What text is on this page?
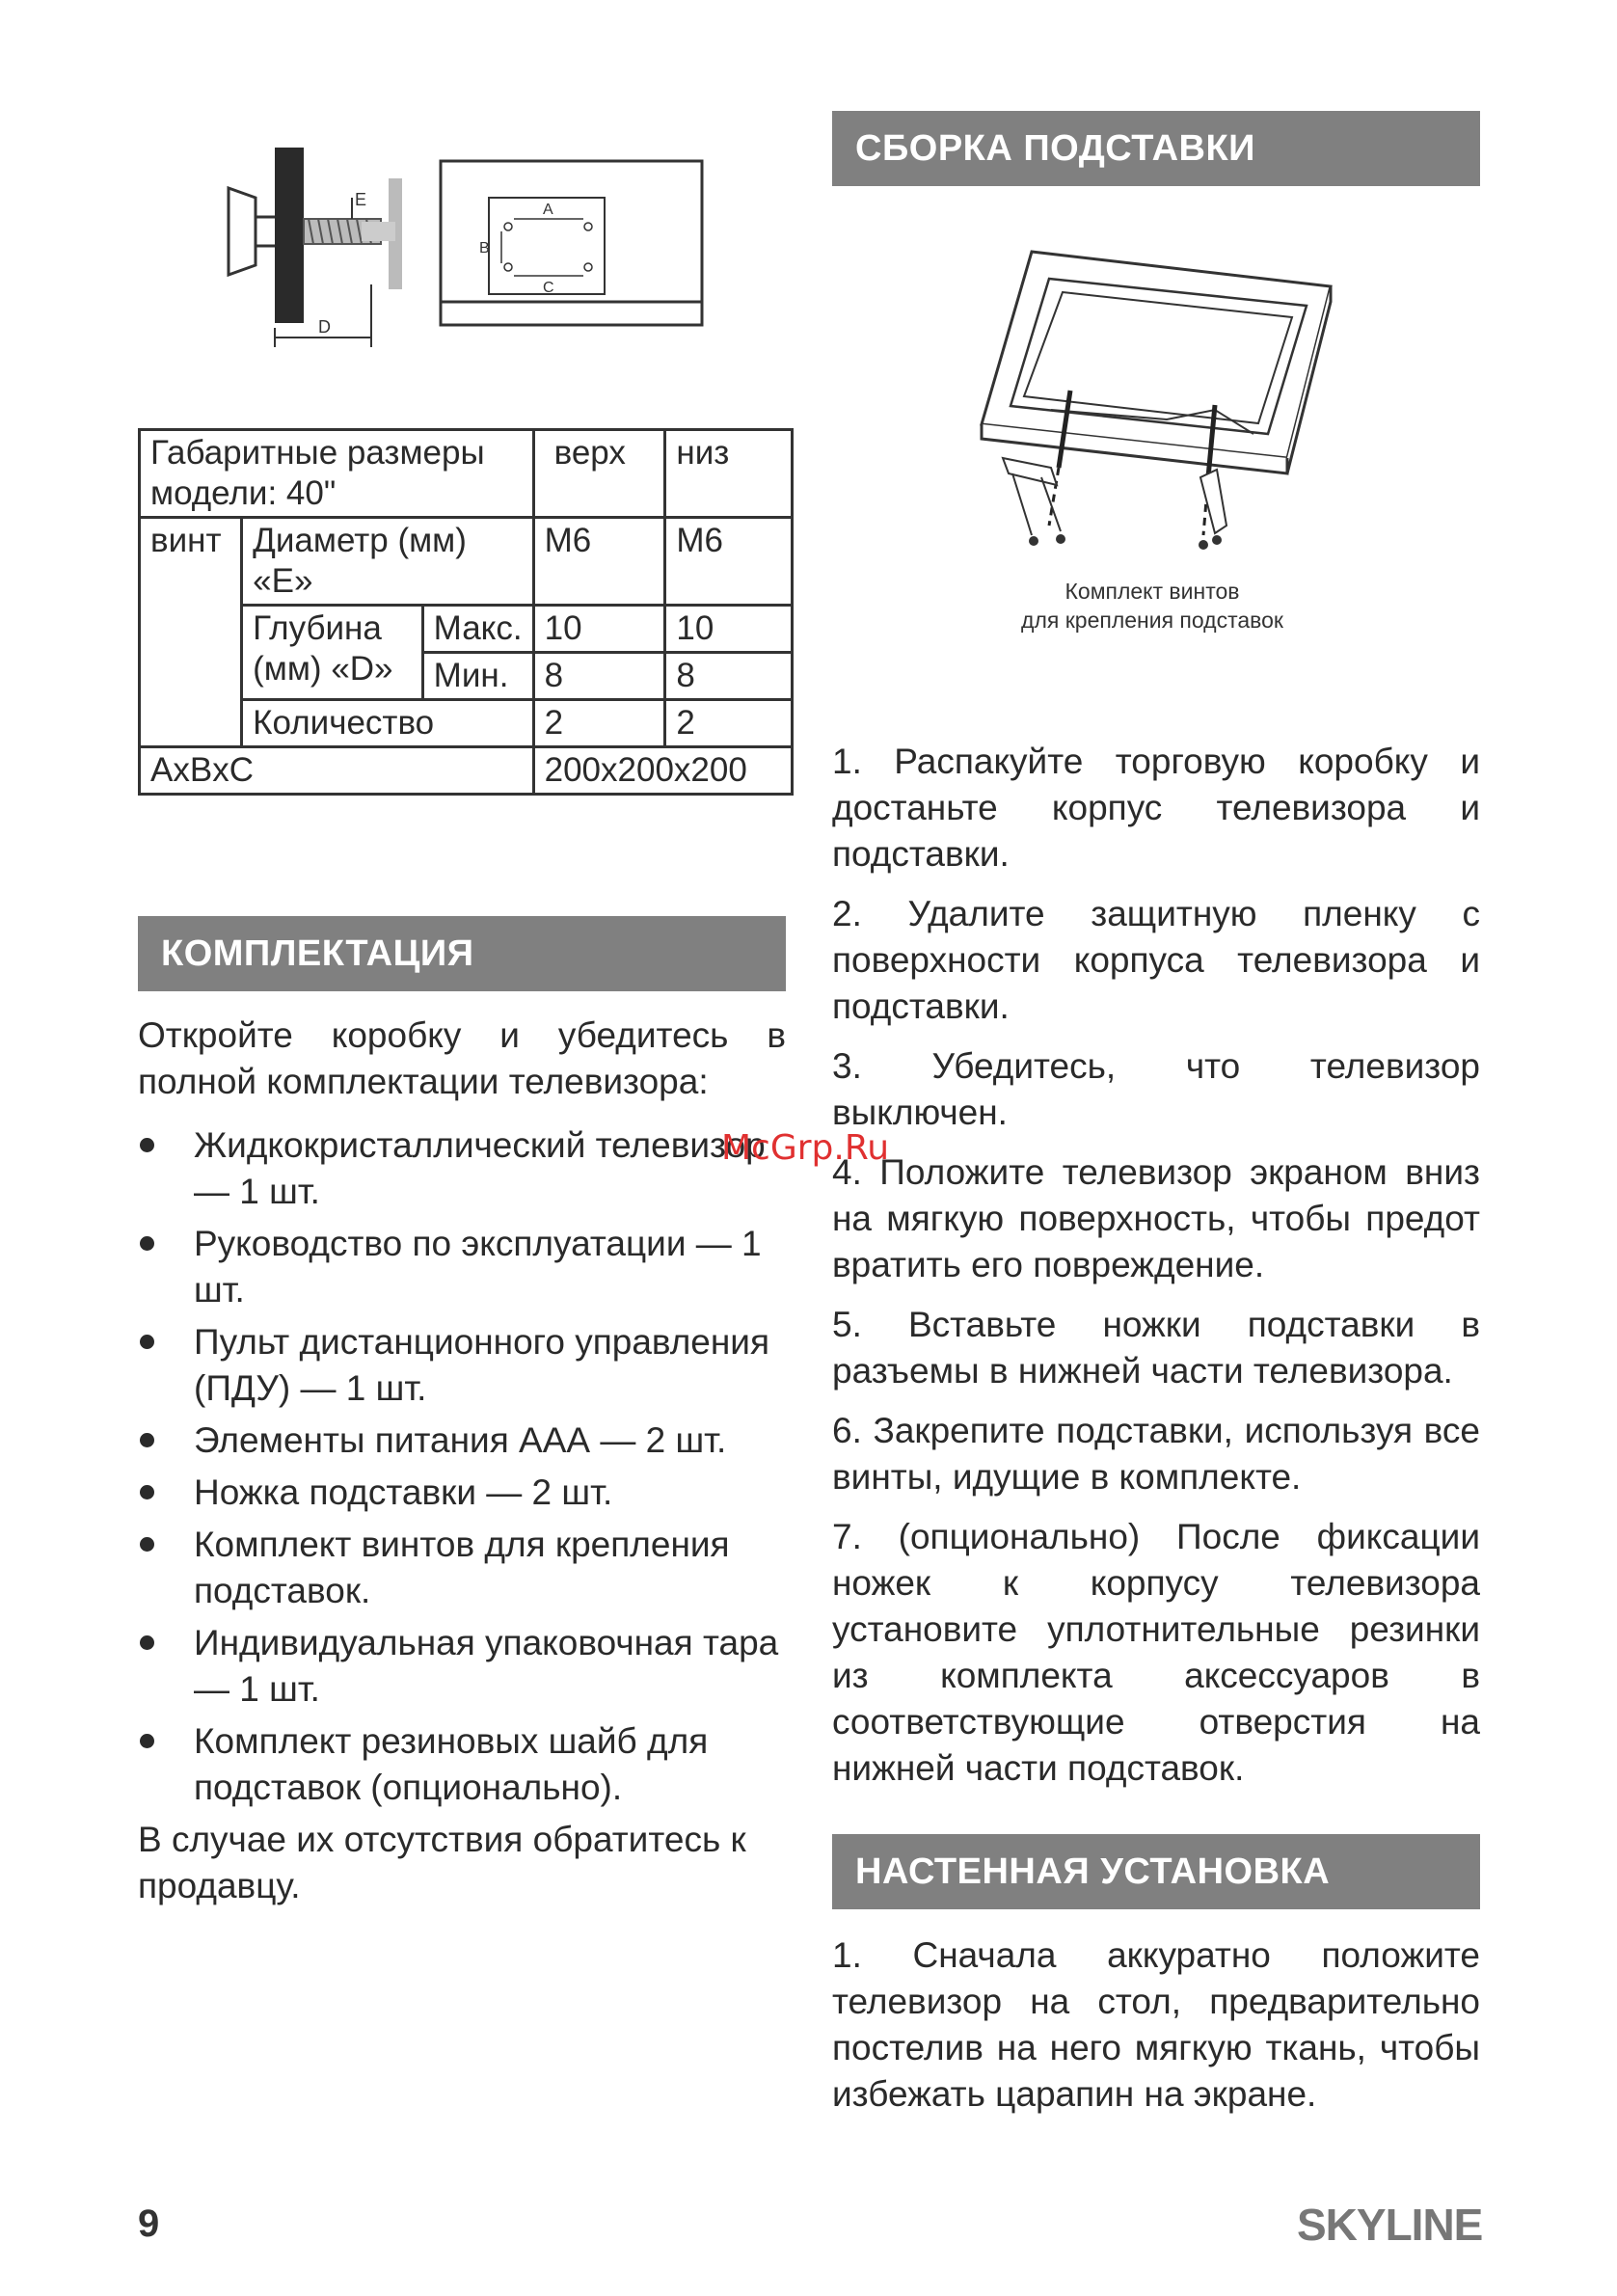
E
D
A
B
C
Габаритные размеры модели: 40"			верх	низ
винт	Диаметр (мм) «Е»		M6	M6
	Глубина (мм) «D»	Макс.	10	10
		Мин.	8	8
	Количество		2	2
AxBxC			200x200x200	
КОМПЛЕКТАЦИЯ

Откройте коробку и убедитесь в полной комплектации телевизора:

Жидкокристаллический телевизор — 1 шт.
Руководство по эксплуатации — 1 шт.
Пульт дистанционного управления (ПДУ) — 1 шт.
Элементы питания ААА — 2 шт.
Ножка подставки — 2 шт.
Комплект винтов для крепления подставок.
Индивидуальная упаковочная тара — 1 шт.
Комплект резиновых шайб для подставок (опционально).

В случае их отсутствия обратитесь к продавцу.

СБОРКА ПОДСТАВКИ
Комплект винтов
для крепления подставок
1. Распакуйте торговую коробку и достаньте корпус телевизора и подставки.
2. Удалите защитную пленку с поверхности корпуса телевизора и подставки.
3. Убедитесь, что телевизор выключен.
4. Положите телевизор экраном вниз на мягкую поверхность, чтобы предот вратить его повреждение.
5. Вставьте ножки подставки в разъемы в нижней части телевизора.
6. Закрепите подставки, используя все винты, идущие в комплекте.
7. (опционально) После фиксации ножек к корпусу телевизора установите уплотнительные резинки из комплекта аксессуаров в соответствующие отверстия на нижней части подставок.
НАСТЕННАЯ УСТАНОВКА

1. Сначала аккуратно положите телевизор на стол, предварительно постелив на него мягкую ткань, чтобы избежать царапин на экране.

McGrp.Ru
9	SKYLINE
